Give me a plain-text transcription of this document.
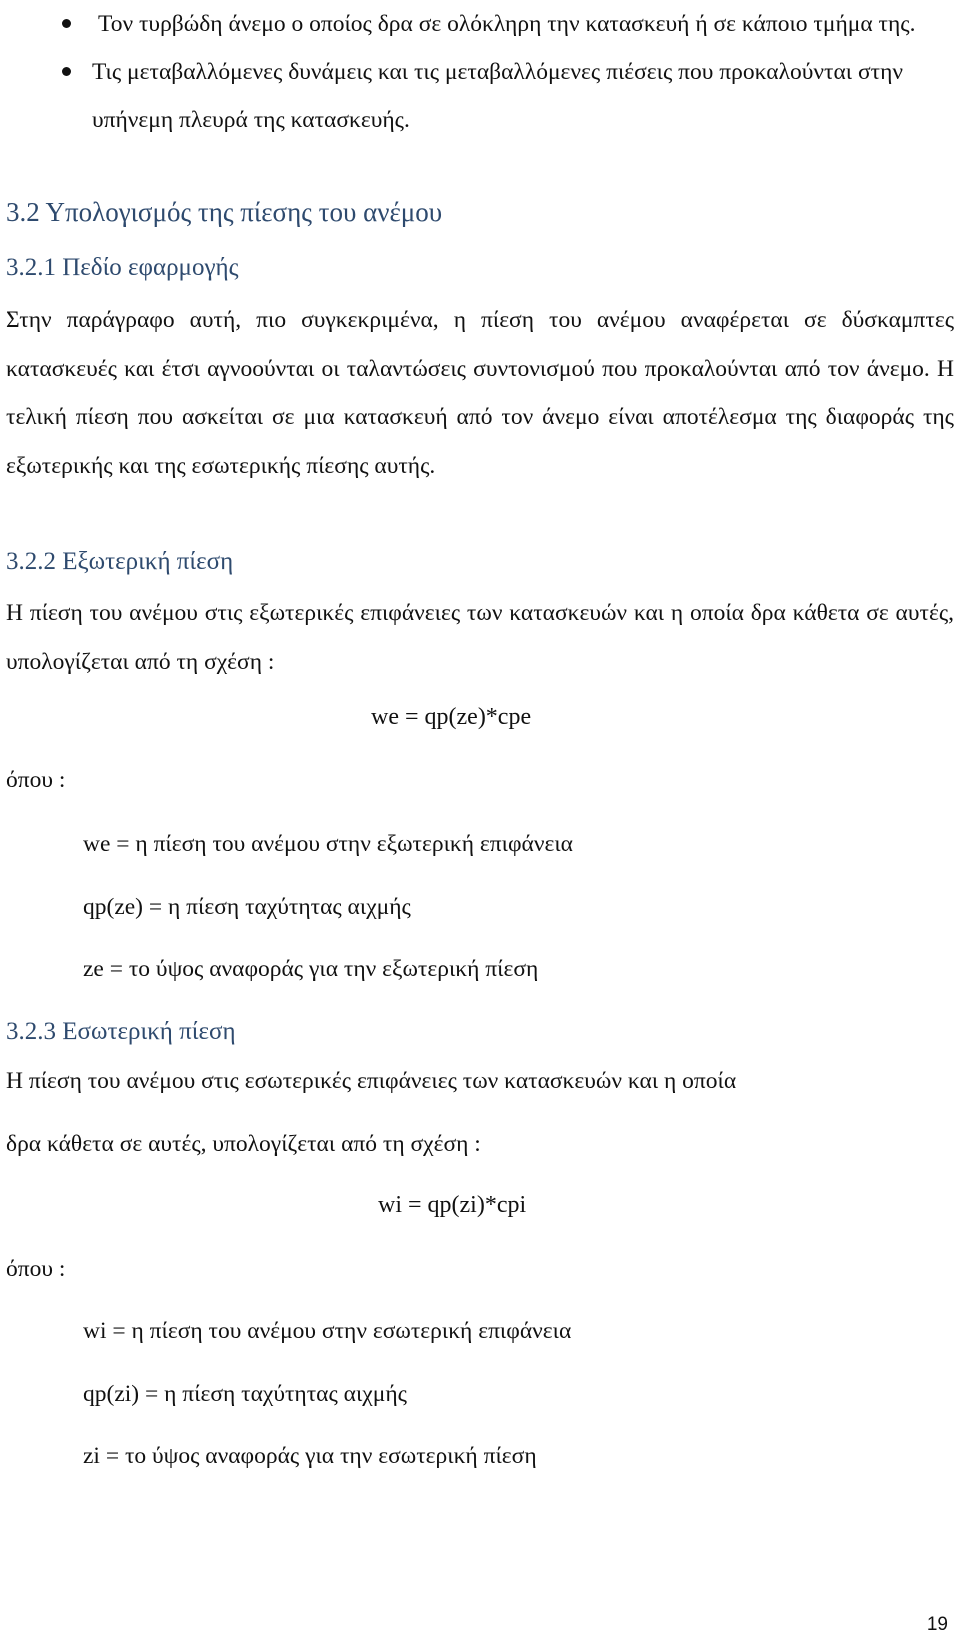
Τον τυρβώδη άνεμο ο οποίος δρα σε ολόκληρη την κατασκευή ή σε κάποιο τμήμα της.
Τις μεταβαλλόμενες δυνάμεις και τις μεταβαλλόμενες πιέσεις που προκαλούνται στην υπήνεμη πλευρά της κατασκευής.
3.2 Υπολογισμός της πίεσης του ανέμου
3.2.1 Πεδίο εφαρμογής
Στην παράγραφο αυτή, πιο συγκεκριμένα, η πίεση του ανέμου αναφέρεται σε δύσκαμπτες κατασκευές και έτσι αγνοούνται οι ταλαντώσεις συντονισμού που προκαλούνται από τον άνεμο. Η τελική πίεση που ασκείται σε μια κατασκευή από τον άνεμο είναι αποτέλεσμα της διαφοράς της εξωτερικής και της εσωτερικής πίεσης αυτής.
3.2.2 Εξωτερική πίεση
Η πίεση του ανέμου στις εξωτερικές επιφάνειες των κατασκευών και η οποία δρα κάθετα σε αυτές, υπολογίζεται από τη σχέση :
we = qp(ze)*cpe
όπου :
we = η πίεση του ανέμου στην εξωτερική επιφάνεια
qp(ze) = η πίεση ταχύτητας αιχμής
ze = το ύψος αναφοράς για την εξωτερική πίεση
3.2.3 Εσωτερική πίεση
Η πίεση του ανέμου στις εσωτερικές επιφάνειες των κατασκευών και η οποία
δρα κάθετα σε αυτές, υπολογίζεται από τη σχέση :
wi = qp(zi)*cpi
όπου :
wi = η πίεση του ανέμου στην εσωτερική επιφάνεια
qp(zi) = η πίεση ταχύτητας αιχμής
zi = το ύψος αναφοράς για την εσωτερική πίεση
19
